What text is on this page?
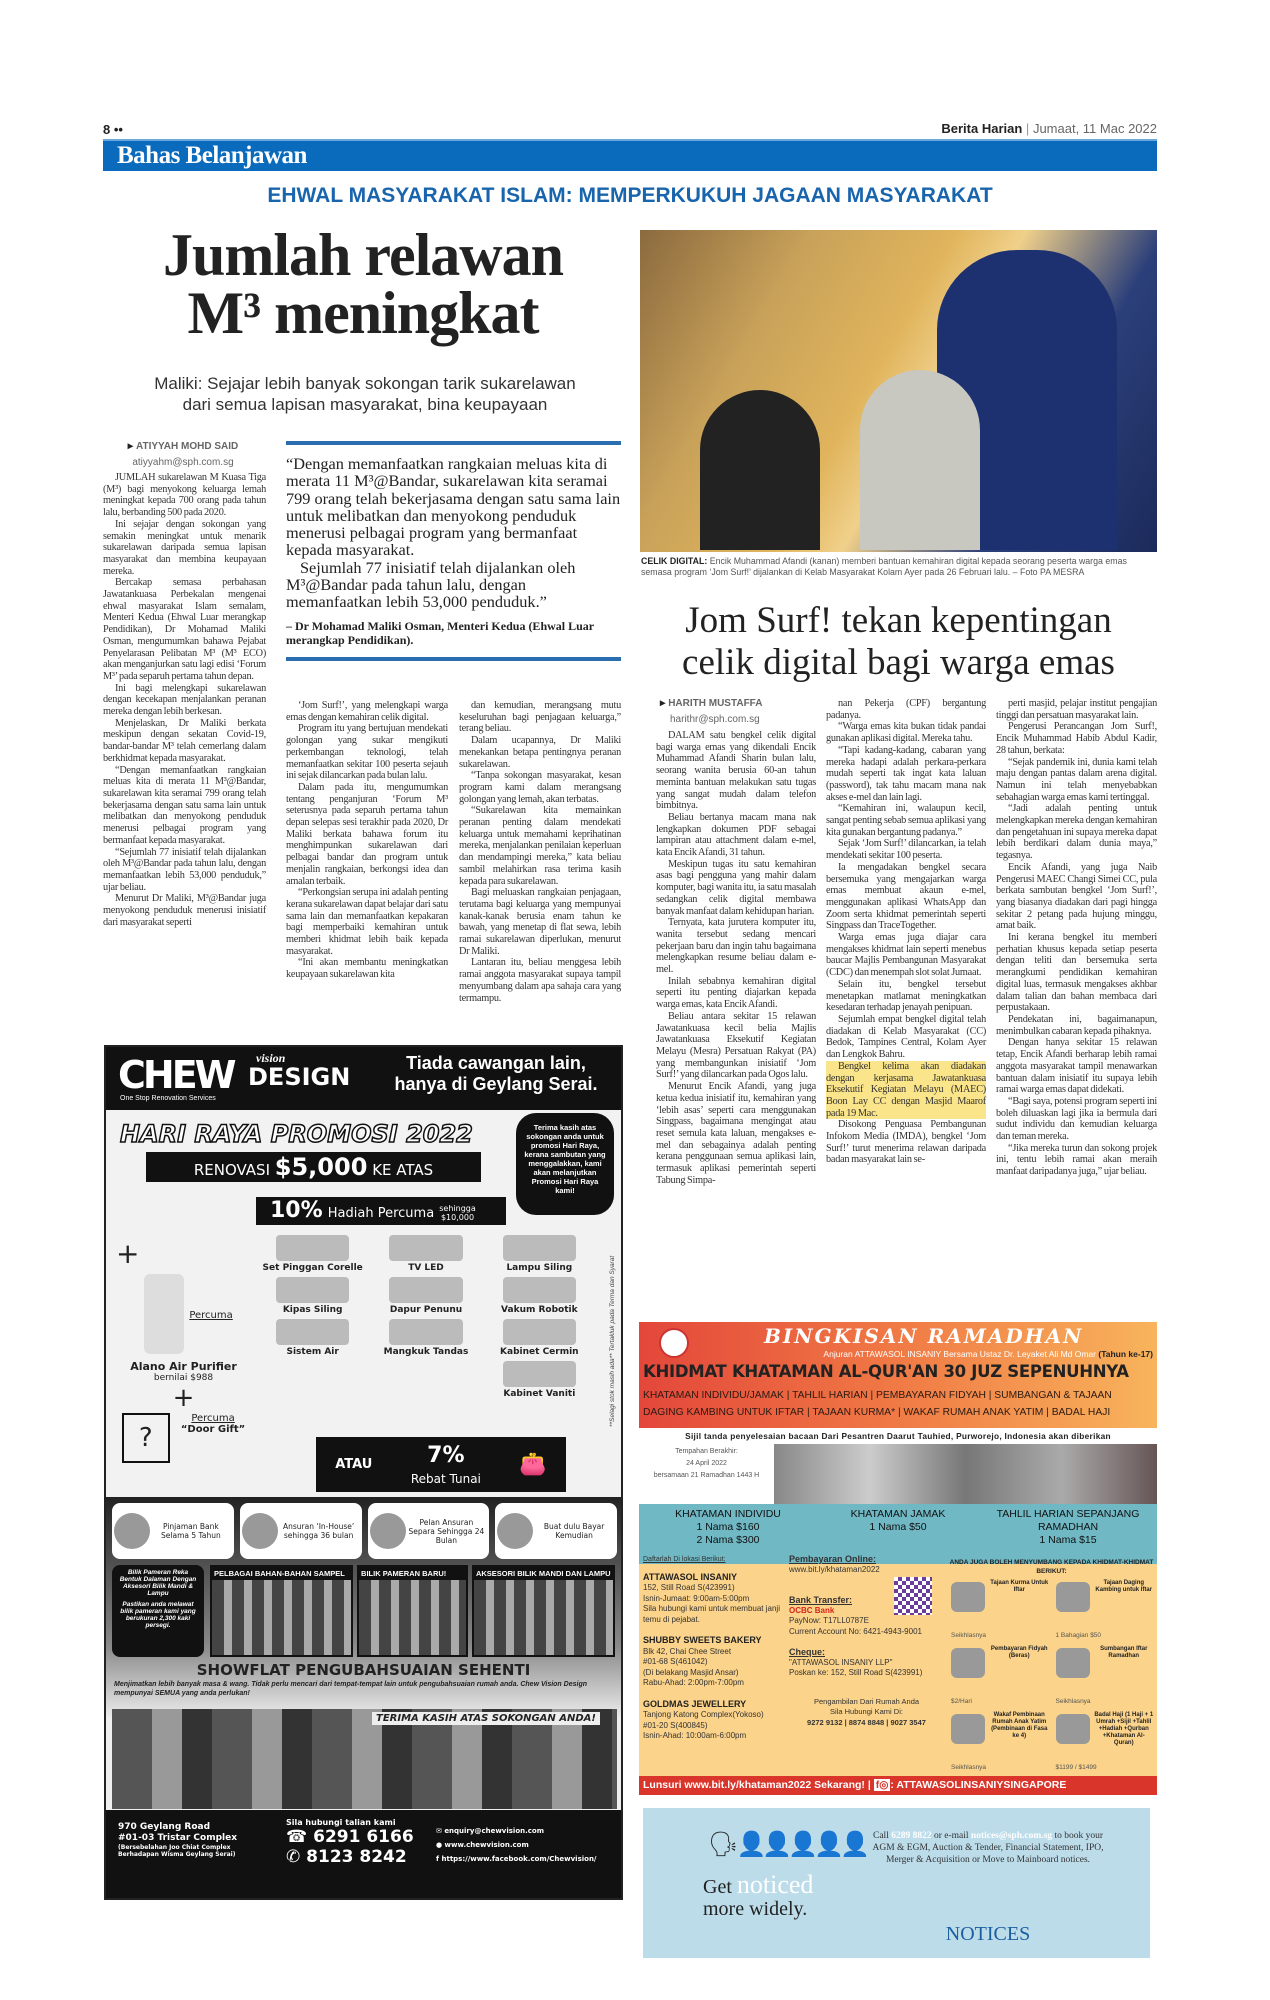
8 ••	Berita Harian | Jumaat, 11 Mac 2022
Bahas Belanjawan
EHWAL MASYARAKAT ISLAM: MEMPERKUKUH JAGAAN MASYARAKAT
Jumlah relawan
M³ meningkat
Maliki: Sejajar lebih banyak sokongan tarik sukarelawan dari semua lapisan masyarakat, bina keupayaan
▸ ATIYYAH MOHD SAID
atiyyahm@sph.com.sg

JUMLAH sukarelawan M Kuasa Tiga (M³) bagi menyokong keluarga lemah meningkat kepada 700 orang pada tahun lalu, berbanding 500 pada 2020.

Ini sejajar dengan sokongan yang semakin meningkat untuk menarik sukarelawan daripada semua lapisan masyarakat dan membina keupayaan mereka.

Bercakap semasa perbahasan Jawatankuasa Perbekalan mengenai ehwal masyarakat Islam semalam, Menteri Kedua (Ehwal Luar merangkap Pendidikan), Dr Mohamad Maliki Osman, mengumumkan bahawa Pejabat Penyelarasan Pelibatan M³ (M³ ECO) akan menganjurkan satu lagi edisi ‘Forum M³’ pada separuh pertama tahun depan.

Ini bagi melengkapi sukarelawan dengan kecekapan menjalankan peranan mereka dengan lebih berkesan.

Menjelaskan, Dr Maliki berkata meskipun dengan sekatan Covid-19, bandar-bandar M³ telah cemerlang dalam berkhidmat kepada masyarakat.

“Dengan memanfaatkan rangkaian meluas kita di merata 11 M³@Bandar, sukarelawan kita seramai 799 orang telah bekerjasama dengan satu sama lain untuk melibatkan dan menyokong penduduk menerusi pelbagai program yang bermanfaat kepada masyarakat.

“Sejumlah 77 inisiatif telah dijalankan oleh M³@Bandar pada tahun lalu, dengan memanfaatkan lebih 53,000 penduduk,” ujar beliau.

Menurut Dr Maliki, M³@Bandar juga menyokong penduduk menerusi inisiatif dari masyarakat seperti

“Dengan memanfaatkan rangkaian meluas kita di merata 11 M³@Bandar, sukarelawan kita seramai 799 orang telah bekerjasama dengan satu sama lain untuk melibatkan dan menyokong penduduk menerusi pelbagai program yang bermanfaat kepada masyarakat.
Sejumlah 77 inisiatif telah dijalankan oleh M³@Bandar pada tahun lalu, dengan memanfaatkan lebih 53,000 penduduk.”
– Dr Mohamad Maliki Osman, Menteri Kedua (Ehwal Luar merangkap Pendidikan).

‘Jom Surf!’, yang melengkapi warga emas dengan kemahiran celik digital.

Program itu yang bertujuan mendekati golongan yang sukar mengikuti perkembangan teknologi, telah memanfaatkan sekitar 100 peserta sejauh ini sejak dilancarkan pada bulan lalu.

Dalam pada itu, mengumumkan tentang penganjuran ‘Forum M³ seterusnya pada separuh pertama tahun depan selepas sesi terakhir pada 2020, Dr Maliki berkata bahawa forum itu menghimpunkan sukarelawan dari pelbagai bandar dan program untuk menjalin rangkaian, berkongsi idea dan amalan terbaik.

“Perkongsian serupa ini adalah penting kerana sukarelawan dapat belajar dari satu sama lain dan memanfaatkan kepakaran bagi memperbaiki kemahiran untuk memberi khidmat lebih baik kepada masyarakat.

“Ini akan membantu meningkatkan keupayaan sukarelawan kita

dan kemudian, merangsang mutu keseluruhan bagi penjagaan keluarga,” terang beliau.

Dalam ucapannya, Dr Maliki menekankan betapa pentingnya peranan sukarelawan.

“Tanpa sokongan masyarakat, kesan program kami dalam merangsang golongan yang lemah, akan terbatas.

“Sukarelawan kita memainkan peranan penting dalam mendekati keluarga untuk memahami keprihatinan mereka, menjalankan penilaian keperluan dan mendampingi mereka,” kata beliau sambil melahirkan rasa terima kasih kepada para sukarelawan.

Bagi meluaskan rangkaian penjagaan, terutama bagi keluarga yang mempunyai kanak-kanak berusia enam tahun ke bawah, yang menetap di flat sewa, lebih ramai sukarelawan diperlukan, menurut Dr Maliki.

Lantaran itu, beliau menggesa lebih ramai anggota masyarakat supaya tampil menyumbang dalam apa sahaja cara yang termampu.

CELIK DIGITAL: Encik Muhammad Afandi (kanan) memberi bantuan kemahiran digital kepada seorang peserta warga emas semasa program ‘Jom Surf!’ dijalankan di Kelab Masyarakat Kolam Ayer pada 26 Februari lalu. – Foto PA MESRA
Jom Surf! tekan kepentingan
celik digital bagi warga emas
▸ HARITH MUSTAFFA
harithr@sph.com.sg

DALAM satu bengkel celik digital bagi warga emas yang dikendali Encik Muhammad Afandi Sharin bulan lalu, seorang wanita berusia 60-an tahun meminta bantuan melakukan satu tugas yang sangat mudah dalam telefon bimbitnya.

Beliau bertanya macam mana nak lengkapkan dokumen PDF sebagai lampiran atau attachment dalam e-mel, kata Encik Afandi, 31 tahun.

Meskipun tugas itu satu kemahiran asas bagi pengguna yang mahir dalam komputer, bagi wanita itu, ia satu masalah sedangkan celik digital membawa banyak manfaat dalam kehidupan harian.

Ternyata, kata jurutera komputer itu, wanita tersebut sedang mencari pekerjaan baru dan ingin tahu bagaimana melengkapkan resume beliau dalam e-mel.

Inilah sebabnya kemahiran digital seperti itu penting diajarkan kepada warga emas, kata Encik Afandi.

Beliau antara sekitar 15 relawan Jawatankuasa kecil belia Majlis Jawatankuasa Eksekutif Kegiatan Melayu (Mesra) Persatuan Rakyat (PA) yang membangunkan inisiatif ‘Jom Surf!’ yang dilancarkan pada Ogos lalu.

Menurut Encik Afandi, yang juga ketua kedua inisiatif itu, kemahiran yang ‘lebih asas’ seperti cara menggunakan Singpass, bagaimana mengingat atau reset semula kata laluan, mengakses e-mel dan sebagainya adalah penting kerana penggunaan semua aplikasi lain, termasuk aplikasi pemerintah seperti Tabung Simpa-

nan Pekerja (CPF) bergantung padanya.

“Warga emas kita bukan tidak pandai gunakan aplikasi digital. Mereka tahu.

“Tapi kadang-kadang, cabaran yang mereka hadapi adalah perkara-perkara mudah seperti tak ingat kata laluan (password), tak tahu macam mana nak akses e-mel dan lain lagi.

“Kemahiran ini, walaupun kecil, sangat penting sebab semua aplikasi yang kita gunakan bergantung padanya.”

Sejak ‘Jom Surf!’ dilancarkan, ia telah mendekati sekitar 100 peserta.

Ia mengadakan bengkel secara bersemuka yang mengajarkan warga emas membuat akaun e-mel, menggunakan aplikasi WhatsApp dan Zoom serta khidmat pemerintah seperti Singpass dan TraceTogether.

Warga emas juga diajar cara mengakses khidmat lain seperti menebus baucar Majlis Pembangunan Masyarakat (CDC) dan menempah slot solat Jumaat.

Selain itu, bengkel tersebut menetapkan matlamat meningkatkan kesedaran terhadap jenayah penipuan.

Sejumlah empat bengkel digital telah diadakan di Kelab Masyarakat (CC) Bedok, Tampines Central, Kolam Ayer dan Lengkok Bahru.

Bengkel kelima akan diadakan dengan kerjasama Jawatankuasa Eksekutif Kegiatan Melayu (MAEC) Boon Lay CC dengan Masjid Maarof pada 19 Mac.

Disokong Penguasa Pembangunan Infokom Media (IMDA), bengkel ‘Jom Surf!’ turut menerima relawan daripada badan masyarakat lain se-

perti masjid, pelajar institut pengajian tinggi dan persatuan masyarakat lain.

Pengerusi Perancangan Jom Surf!, Encik Muhammad Habib Abdul Kadir, 28 tahun, berkata:

“Sejak pandemik ini, dunia kami telah maju dengan pantas dalam arena digital. Namun ini telah menyebabkan sebahagian warga emas kami tertinggal.

“Jadi adalah penting untuk melengkapkan mereka dengan kemahiran dan pengetahuan ini supaya mereka dapat lebih berdikari dalam dunia maya,” tegasnya.

Encik Afandi, yang juga Naib Pengerusi MAEC Changi Simei CC, pula berkata sambutan bengkel ‘Jom Surf!’, yang biasanya diadakan dari pagi hingga sekitar 2 petang pada hujung minggu, amat baik.

Ini kerana bengkel itu memberi perhatian khusus kepada setiap peserta dengan teliti dan bersemuka serta merangkumi pendidikan kemahiran digital luas, termasuk mengakses akhbar dalam talian dan bahan membaca dari perpustakaan.

Pendekatan ini, bagaimanapun, menimbulkan cabaran kepada pihaknya.

Dengan hanya sekitar 15 relawan tetap, Encik Afandi berharap lebih ramai anggota masyarakat tampil menawarkan bantuan dalam inisiatif itu supaya lebih ramai warga emas dapat didekati.

“Bagi saya, potensi program seperti ini boleh diluaskan lagi jika ia bermula dari sudut individu dan kemudian keluarga dan teman mereka.

“Jika mereka turun dan sokong projek ini, tentu lebih ramai akan meraih manfaat daripadanya juga,” ujar beliau.

CHEW vision
DESIGN
One Stop Renovation Services
Tiada cawangan lain,
hanya di Geylang Serai.
HARI RAYA PROMOSI 2022
RENOVASI $5,000 KE ATAS
Terima kasih atas sokongan anda untuk promosi Hari Raya, kerana sambutan yang menggalakkan, kami akan melanjutkan Promosi Hari Raya kami!
10% Hadiah Percuma sehingga
$10,000
+
Percuma
Alano Air Purifier
bernilai $988
+
? Percuma
“Door Gift”
Set Pinggan Corelle	TV LED	Lampu Siling
Kipas Siling	Dapur Penunu	Vakum Robotik
Sistem Air	Mangkuk Tandas	Kabinet Cermin
Kabinet Vaniti	**Selagi stok masih ada** Tertakluk pada Terma dan Syarat
ATAU	7%
Rebat Tunai
👛
Pinjaman Bank Selama 5 Tahun
Ansuran ‘In-House’ sehingga 36 bulan
Pelan Ansuran Separa Sehingga 24 Bulan
Buat dulu Bayar Kemudian
Bilik Pameran Reka Bentuk Dalaman Dengan Aksesori Bilik Mandi & Lampu
Pastikan anda melawat bilik pameran kami yang berukuran 2,300 kaki persegi.
PELBAGAI BAHAN-BAHAN SAMPEL	BILIK PAMERAN BARU!	AKSESORI BILIK MANDI DAN LAMPU
SHOWFLAT PENGUBAHSUAIAN SEHENTI
Menjimatkan lebih banyak masa & wang. Tidak perlu mencari dari tempat-tempat lain untuk pengubahsuaian rumah anda. Chew Vision Design mempunyai SEMUA yang anda perlukan!
TERIMA KASIH ATAS SOKONGAN ANDA!
970 Geylang Road
#01-03 Tristar Complex
(Bersebelahan Joo Chiat Complex Berhadapan Wisma Geylang Serai)
Sila hubungi talian kami
☎ 6291 6166
✆ 8123 8242
✉ enquiry@chewvision.com
● www.chewvision.com
f https://www.facebook.com/Chewvision/
BINGKISAN RAMADHAN
Anjuran ATTAWASOL INSANIY Bersama Ustaz Dr. Leyaket Ali Md Omar (Tahun ke-17)
KHIDMAT KHATAMAN AL-QUR'AN 30 JUZ SEPENUHNYA
KHATAMAN INDIVIDU/JAMAK | TAHLIL HARIAN | PEMBAYARAN FIDYAH | SUMBANGAN & TAJAAN
DAGING KAMBING UNTUK IFTAR | TAJAAN KURMA* | WAKAF RUMAH ANAK YATIM | BADAL HAJI
Sijil tanda penyelesaian bacaan Dari Pesantren Daarut Tauhied, Purworejo, Indonesia akan diberikan
Tempahan Berakhir:
24 April 2022
bersamaan 21 Ramadhan 1443 H
KHATAMAN INDIVIDU
1 Nama $160
2 Nama $300
KHATAMAN JAMAK
1 Nama $50
TAHLIL HARIAN SEPANJANG RAMADHAN
1 Nama $15
Daftarlah Di lokasi Berikut:
ATTAWASOL INSANIY
152, Still Road S(423991)
Isnin-Jumaat: 9:00am-5:00pm
Sila hubungi kami untuk membuat janji temu di pejabat.
SHUBBY SWEETS BAKERY
Blk 42, Chai Chee Street
#01-68 S(461042)
(Di belakang Masjid Ansar)
Rabu-Ahad: 2:00pm-7:00pm
GOLDMAS JEWELLERY
Tanjong Katong Complex(Yokoso)
#01-20 S(400845)
Isnin-Ahad: 10:00am-6:00pm
Pembayaran Online:
www.bit.ly/khataman2022
Bank Transfer:
OCBC Bank
PayNow: T17LL0787E
Current Account No: 6421-4943-9001
Cheque:
"ATTAWASOL INSANIY LLP"
Poskan ke: 152, Still Road S(423991)
Pengambilan Dari Rumah Anda
Sila Hubungi Kami Di:
9272 9132 | 8874 8848 | 9027 3547
ANDA JUGA BOLEH MENYUMBANG KEPADA KHIDMAT-KHIDMAT BERIKUT:
Tajaan Kurma Untuk Iftar
Seikhlasnya
Tajaan Daging Kambing untuk Iftar
1 Bahagian $50
Pembayaran Fidyah (Beras)
$2/Hari
Sumbangan Iftar Ramadhan
Seikhlasnya
Wakaf Pembinaan Rumah Anak Yatim (Pembinaan di Fasa ke 4)
Seikhlasnya
Badal Haji (1 Haji + 1 Umrah +Sijil +Tahlil +Hadiah +Qurban +Khataman Al-Quran)
$1199 / $1499
Lunsuri www.bit.ly/khataman2022 Sekarang! | f◎ : ATTAWASOLINSANIYSINGAPORE
🗣 👤👤👤👤👤
Get noticed
more widely.
Call 6289 8822 or e-mail notices@sph.com.sg to book your AGM & EGM, Auction & Tender, Financial Statement, IPO, Merger & Acquisition or Move to Mainboard notices.
NOTICES
